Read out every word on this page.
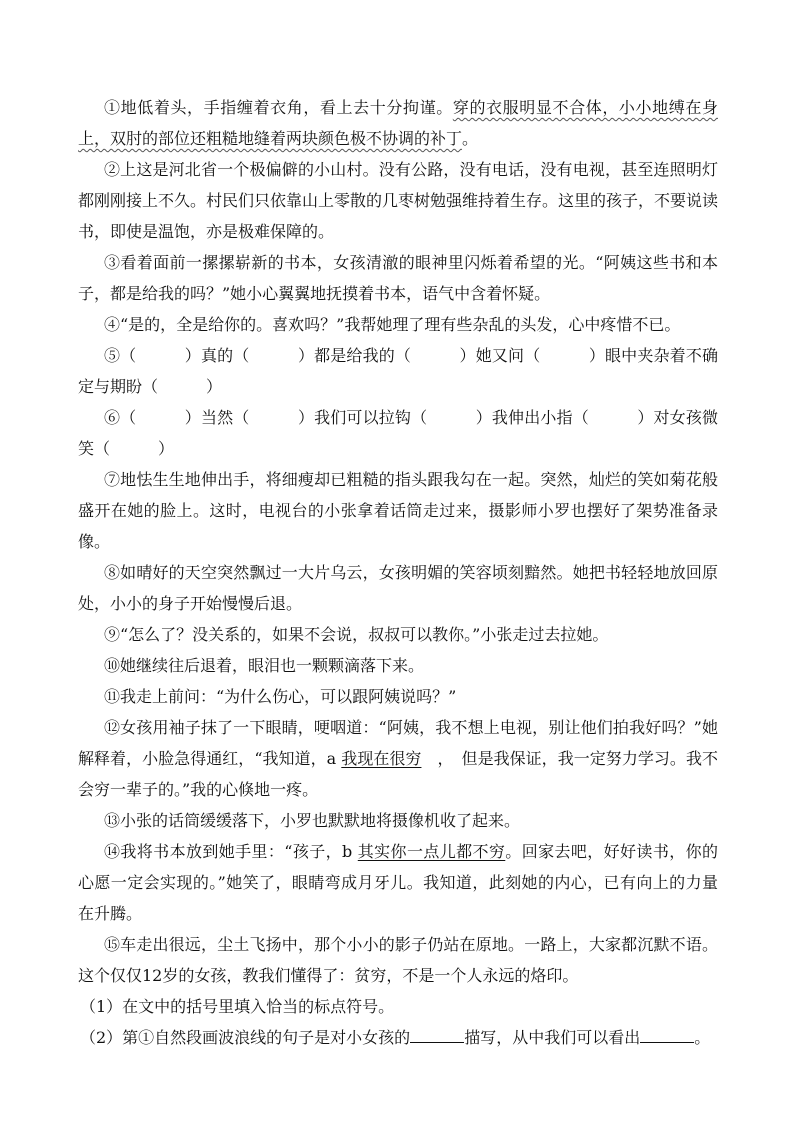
①地低着头，手指缠着衣角，看上去十分拘谨。穿的衣服明显不合体，小小地缚在身上，双肘的部位还粗糙地缝着两块颜色极不协调的补丁。

②上这是河北省一个极偏僻的小山村。没有公路，没有电话，没有电视，甚至连照明灯都刚刚接上不久。村民们只依靠山上零散的几枣树勉强维持着生存。这里的孩子，不要说读书，即使是温饱，亦是极难保障的。

③看着面前一摞摞崭新的书本，女孩清澈的眼神里闪烁着希望的光。“阿姨这些书和本子，都是给我的吗？”她小心翼翼地抚摸着书本，语气中含着怀疑。

④“是的，全是给你的。喜欢吗？”我帮她理了理有些杂乱的头发，心中疼惜不已。

⑤（　　　）真的（　　　）都是给我的（　　　）她又问（　　　）眼中夹杂着不确定与期盼（　　　）

⑥（　　　）当然（　　　）我们可以拉钩（　　　）我伸出小指（　　　）对女孩微笑（　　　）

⑦地怯生生地伸出手，将细瘦却已粗糙的指头跟我勾在一起。突然，灿烂的笑如菊花般盛开在她的脸上。这时，电视台的小张拿着话筒走过来，摄影师小罗也摆好了架势准备录像。

⑧如晴好的天空突然飘过一大片乌云，女孩明媚的笑容顷刻黯然。她把书轻轻地放回原处，小小的身子开始慢慢后退。

⑨“怎么了？没关系的，如果不会说，叔叔可以教你。”小张走过去拉她。

⑩她继续往后退着，眼泪也一颗颗滴落下来。

⑪我走上前问：“为什么伤心，可以跟阿姨说吗？”

⑫女孩用袖子抹了一下眼睛，哽咽道：“阿姨，我不想上电视，别让他们拍我好吗？”她解释着，小脸急得通红，“我知道，a 我现在很穷　，　但是我保证，我一定努力学习。我不会穷一辈子的。”我的心倏地一疼。

⑬小张的话筒缓缓落下，小罗也默默地将摄像机收了起来。

⑭我将书本放到她手里：“孩子，b 其实你一点儿都不穷。回家去吧，好好读书，你的心愿一定会实现的。”她笑了，眼睛弯成月牙儿。我知道，此刻她的内心，已有向上的力量在升腾。

⑮车走出很远，尘土飞扬中，那个小小的影子仍站在原地。一路上，大家都沉默不语。这个仅仅12岁的女孩，教我们懂得了：贫穷，不是一个人永远的烙印。

（1）在文中的括号里填入恰当的标点符号。

（2）第①自然段画波浪线的句子是对小女孩的	描写，从中我们可以看出	。
